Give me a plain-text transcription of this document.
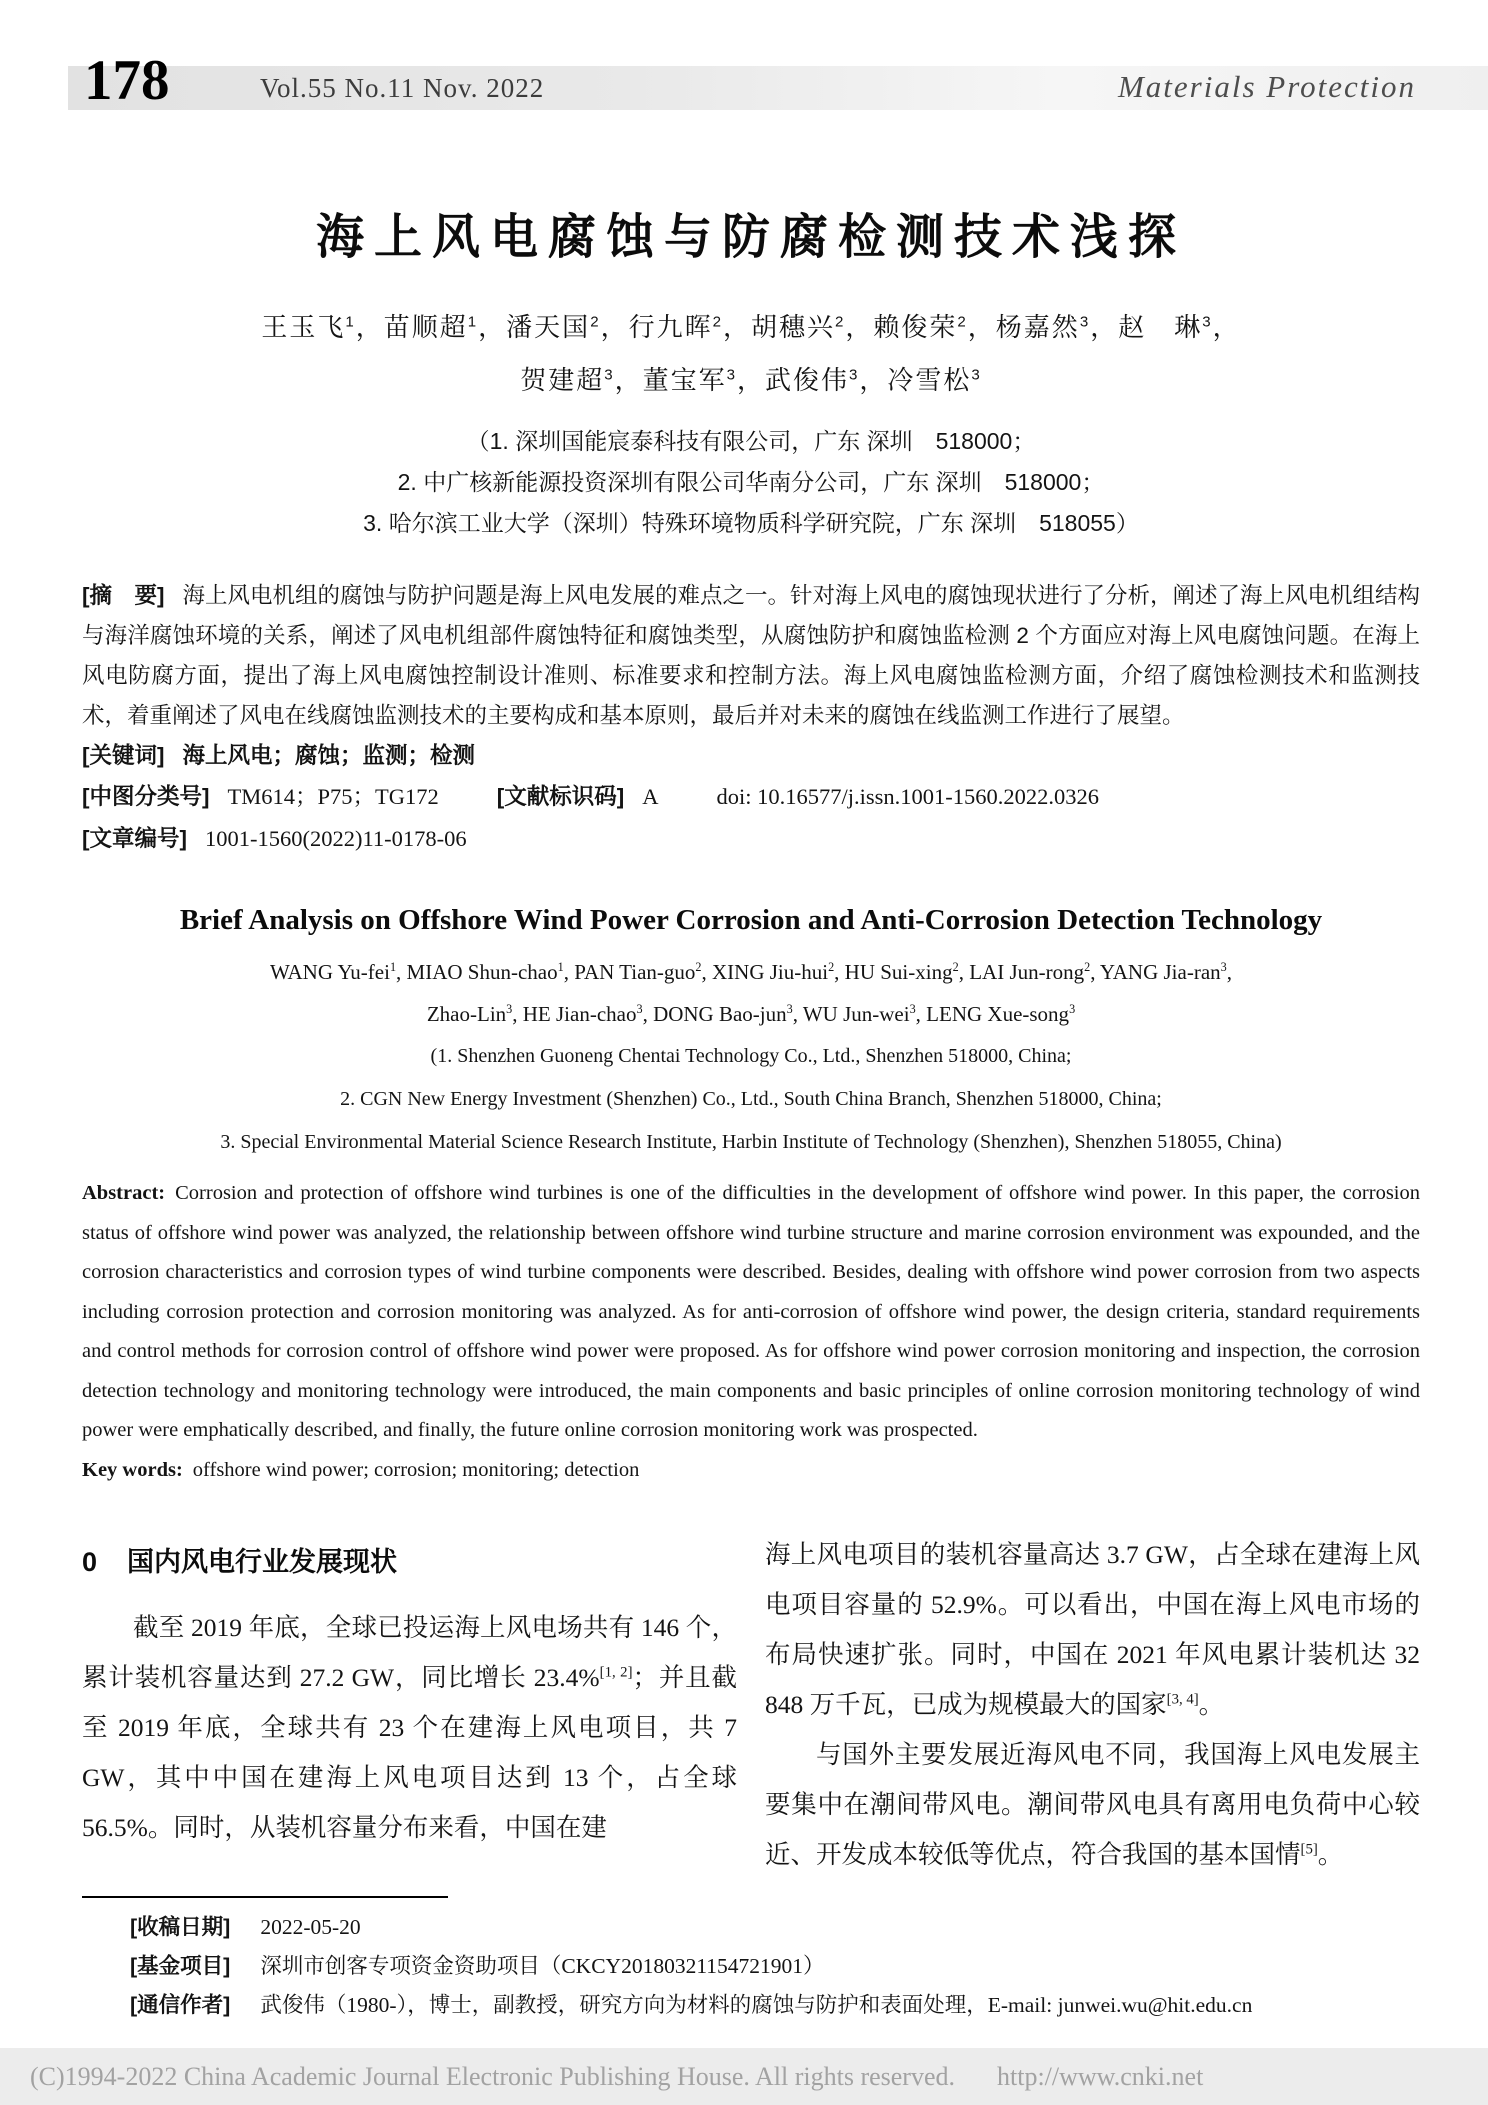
178	Vol.55 No.11 Nov. 2022	Materials Protection
海上风电腐蚀与防腐检测技术浅探
王玉飞$^1$，苗顺超$^1$，潘天国$^2$，行九晖$^2$，胡穗兴$^2$，赖俊荣$^2$，杨嘉然$^3$，赵　琳$^3$，
贺建超$^3$，董宝军$^3$，武俊伟$^3$，冷雪松$^3$
（1. 深圳国能宸泰科技有限公司，广东 深圳　518000；
2. 中广核新能源投资深圳有限公司华南分公司，广东 深圳　518000；
3. 哈尔滨工业大学（深圳）特殊环境物质科学研究院，广东 深圳　518055）

[摘　要] 海上风电机组的腐蚀与防护问题是海上风电发展的难点之一。针对海上风电的腐蚀现状进行了分析，阐述了海上风电机组结构与海洋腐蚀环境的关系，阐述了风电机组部件腐蚀特征和腐蚀类型，从腐蚀防护和腐蚀监检测 2 个方面应对海上风电腐蚀问题。在海上风电防腐方面，提出了海上风电腐蚀控制设计准则、标准要求和控制方法。海上风电腐蚀监检测方面，介绍了腐蚀检测技术和监测技术，着重阐述了风电在线腐蚀监测技术的主要构成和基本原则，最后并对未来的腐蚀在线监测工作进行了展望。

[关键词] 海上风电；腐蚀；监测；检测

[中图分类号] TM614；P75；TG172	[文献标识码] A	doi: 10.16577/j.issn.1001-1560.2022.0326

[文章编号] 1001-1560(2022)11-0178-06

Brief Analysis on Offshore Wind Power Corrosion and Anti-Corrosion Detection Technology
WANG Yu-fei$^1$, MIAO Shun-chao$^1$, PAN Tian-guo$^2$, XING Jiu-hui$^2$, HU Sui-xing$^2$, LAI Jun-rong$^2$, YANG Jia-ran$^3$,
Zhao-Lin$^3$, HE Jian-chao$^3$, DONG Bao-jun$^3$, WU Jun-wei$^3$, LENG Xue-song$^3$
(1. Shenzhen Guoneng Chentai Technology Co., Ltd., Shenzhen 518000, China;
2. CGN New Energy Investment (Shenzhen) Co., Ltd., South China Branch, Shenzhen 518000, China;
3. Special Environmental Material Science Research Institute, Harbin Institute of Technology (Shenzhen), Shenzhen 518055, China)

Abstract: Corrosion and protection of offshore wind turbines is one of the difficulties in the development of offshore wind power. In this paper, the corrosion status of offshore wind power was analyzed, the relationship between offshore wind turbine structure and marine corrosion environment was expounded, and the corrosion characteristics and corrosion types of wind turbine components were described. Besides, dealing with offshore wind power corrosion from two aspects including corrosion protection and corrosion monitoring was analyzed. As for anti-corrosion of offshore wind power, the design criteria, standard requirements and control methods for corrosion control of offshore wind power were proposed. As for offshore wind power corrosion monitoring and inspection, the corrosion detection technology and monitoring technology were introduced, the main components and basic principles of online corrosion monitoring technology of wind power were emphatically described, and finally, the future online corrosion monitoring work was prospected.

Key words: offshore wind power; corrosion; monitoring; detection

0 国内风电行业发展现状

截至 2019 年底，全球已投运海上风电场共有 146 个，累计装机容量达到 27.2 GW，同比增长 23.4%[1, 2]；并且截至 2019 年底，全球共有 23 个在建海上风电项目，共 7 GW，其中中国在建海上风电项目达到 13 个，占全球 56.5%。同时，从装机容量分布来看，中国在建

海上风电项目的装机容量高达 3.7 GW，占全球在建海上风电项目容量的 52.9%。可以看出，中国在海上风电市场的布局快速扩张。同时，中国在 2021 年风电累计装机达 32 848 万千瓦，已成为规模最大的国家[3, 4]。

与国外主要发展近海风电不同，我国海上风电发展主要集中在潮间带风电。潮间带风电具有离用电负荷中心较近、开发成本较低等优点，符合我国的基本国情[5]。

[收稿日期] 2022-05-20
[基金项目] 深圳市创客专项资金资助项目（CKCY20180321154721901）
[通信作者] 武俊伟（1980-），博士，副教授，研究方向为材料的腐蚀与防护和表面处理，E-mail: junwei.wu@hit.edu.cn
(C)1994-2022 China Academic Journal Electronic Publishing House. All rights reserved. http://www.cnki.net
